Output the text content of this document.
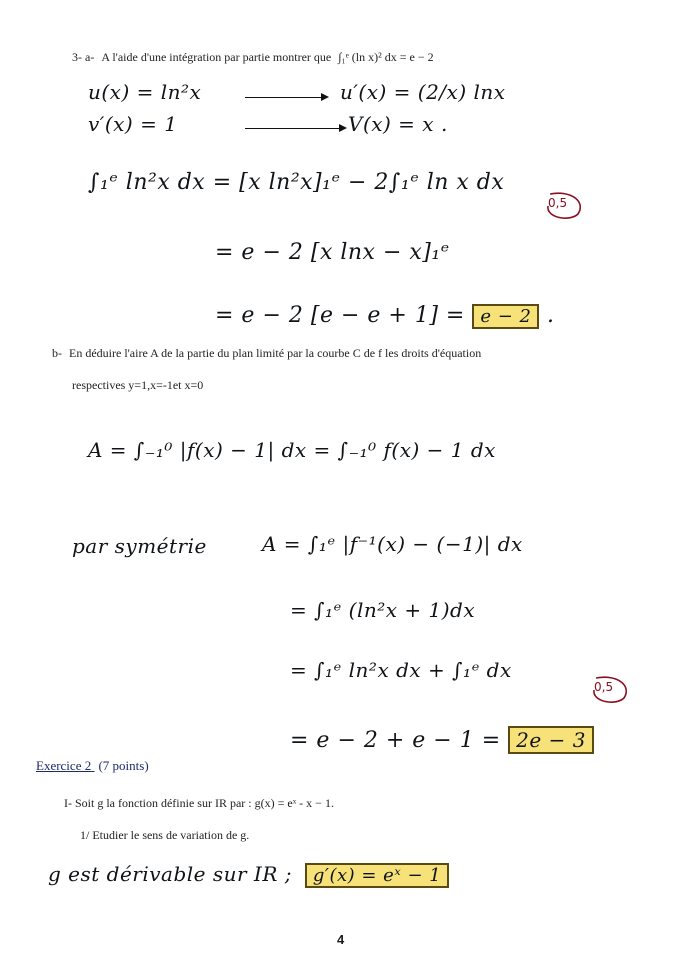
3- a- A l'aide d'une intégration par partie montrer que ∫₁ᵉ (ln x)² dx = e − 2
u(x) = ln²x	u′(x) = (2/x) lnx
v′(x) = 1	V(x) = x .
∫₁ᵉ ln²x dx = [x ln²x]₁ᵉ − 2∫₁ᵉ ln x dx
0,5
= e − 2 [x lnx − x]₁ᵉ
= e − 2 [e − e + 1] = e − 2 .
b- En déduire l'aire A de la partie du plan limité par la courbe C de f les droits d'équation
respectives y=1,x=-1et x=0
A = ∫₋₁⁰ |f(x) − 1| dx = ∫₋₁⁰ f(x) − 1 dx
par symétrie	A = ∫₁ᵉ |f⁻¹(x) − (−1)| dx
= ∫₁ᵉ (ln²x + 1)dx
= ∫₁ᵉ ln²x dx + ∫₁ᵉ dx
0,5
= e − 2 + e − 1 = 2e − 3
Exercice 2 (7 points)
I- Soit g la fonction définie sur IR par : g(x) = eˣ - x − 1.
1/ Etudier le sens de variation de g.
g est dérivable sur IR ; g′(x) = eˣ − 1
4
